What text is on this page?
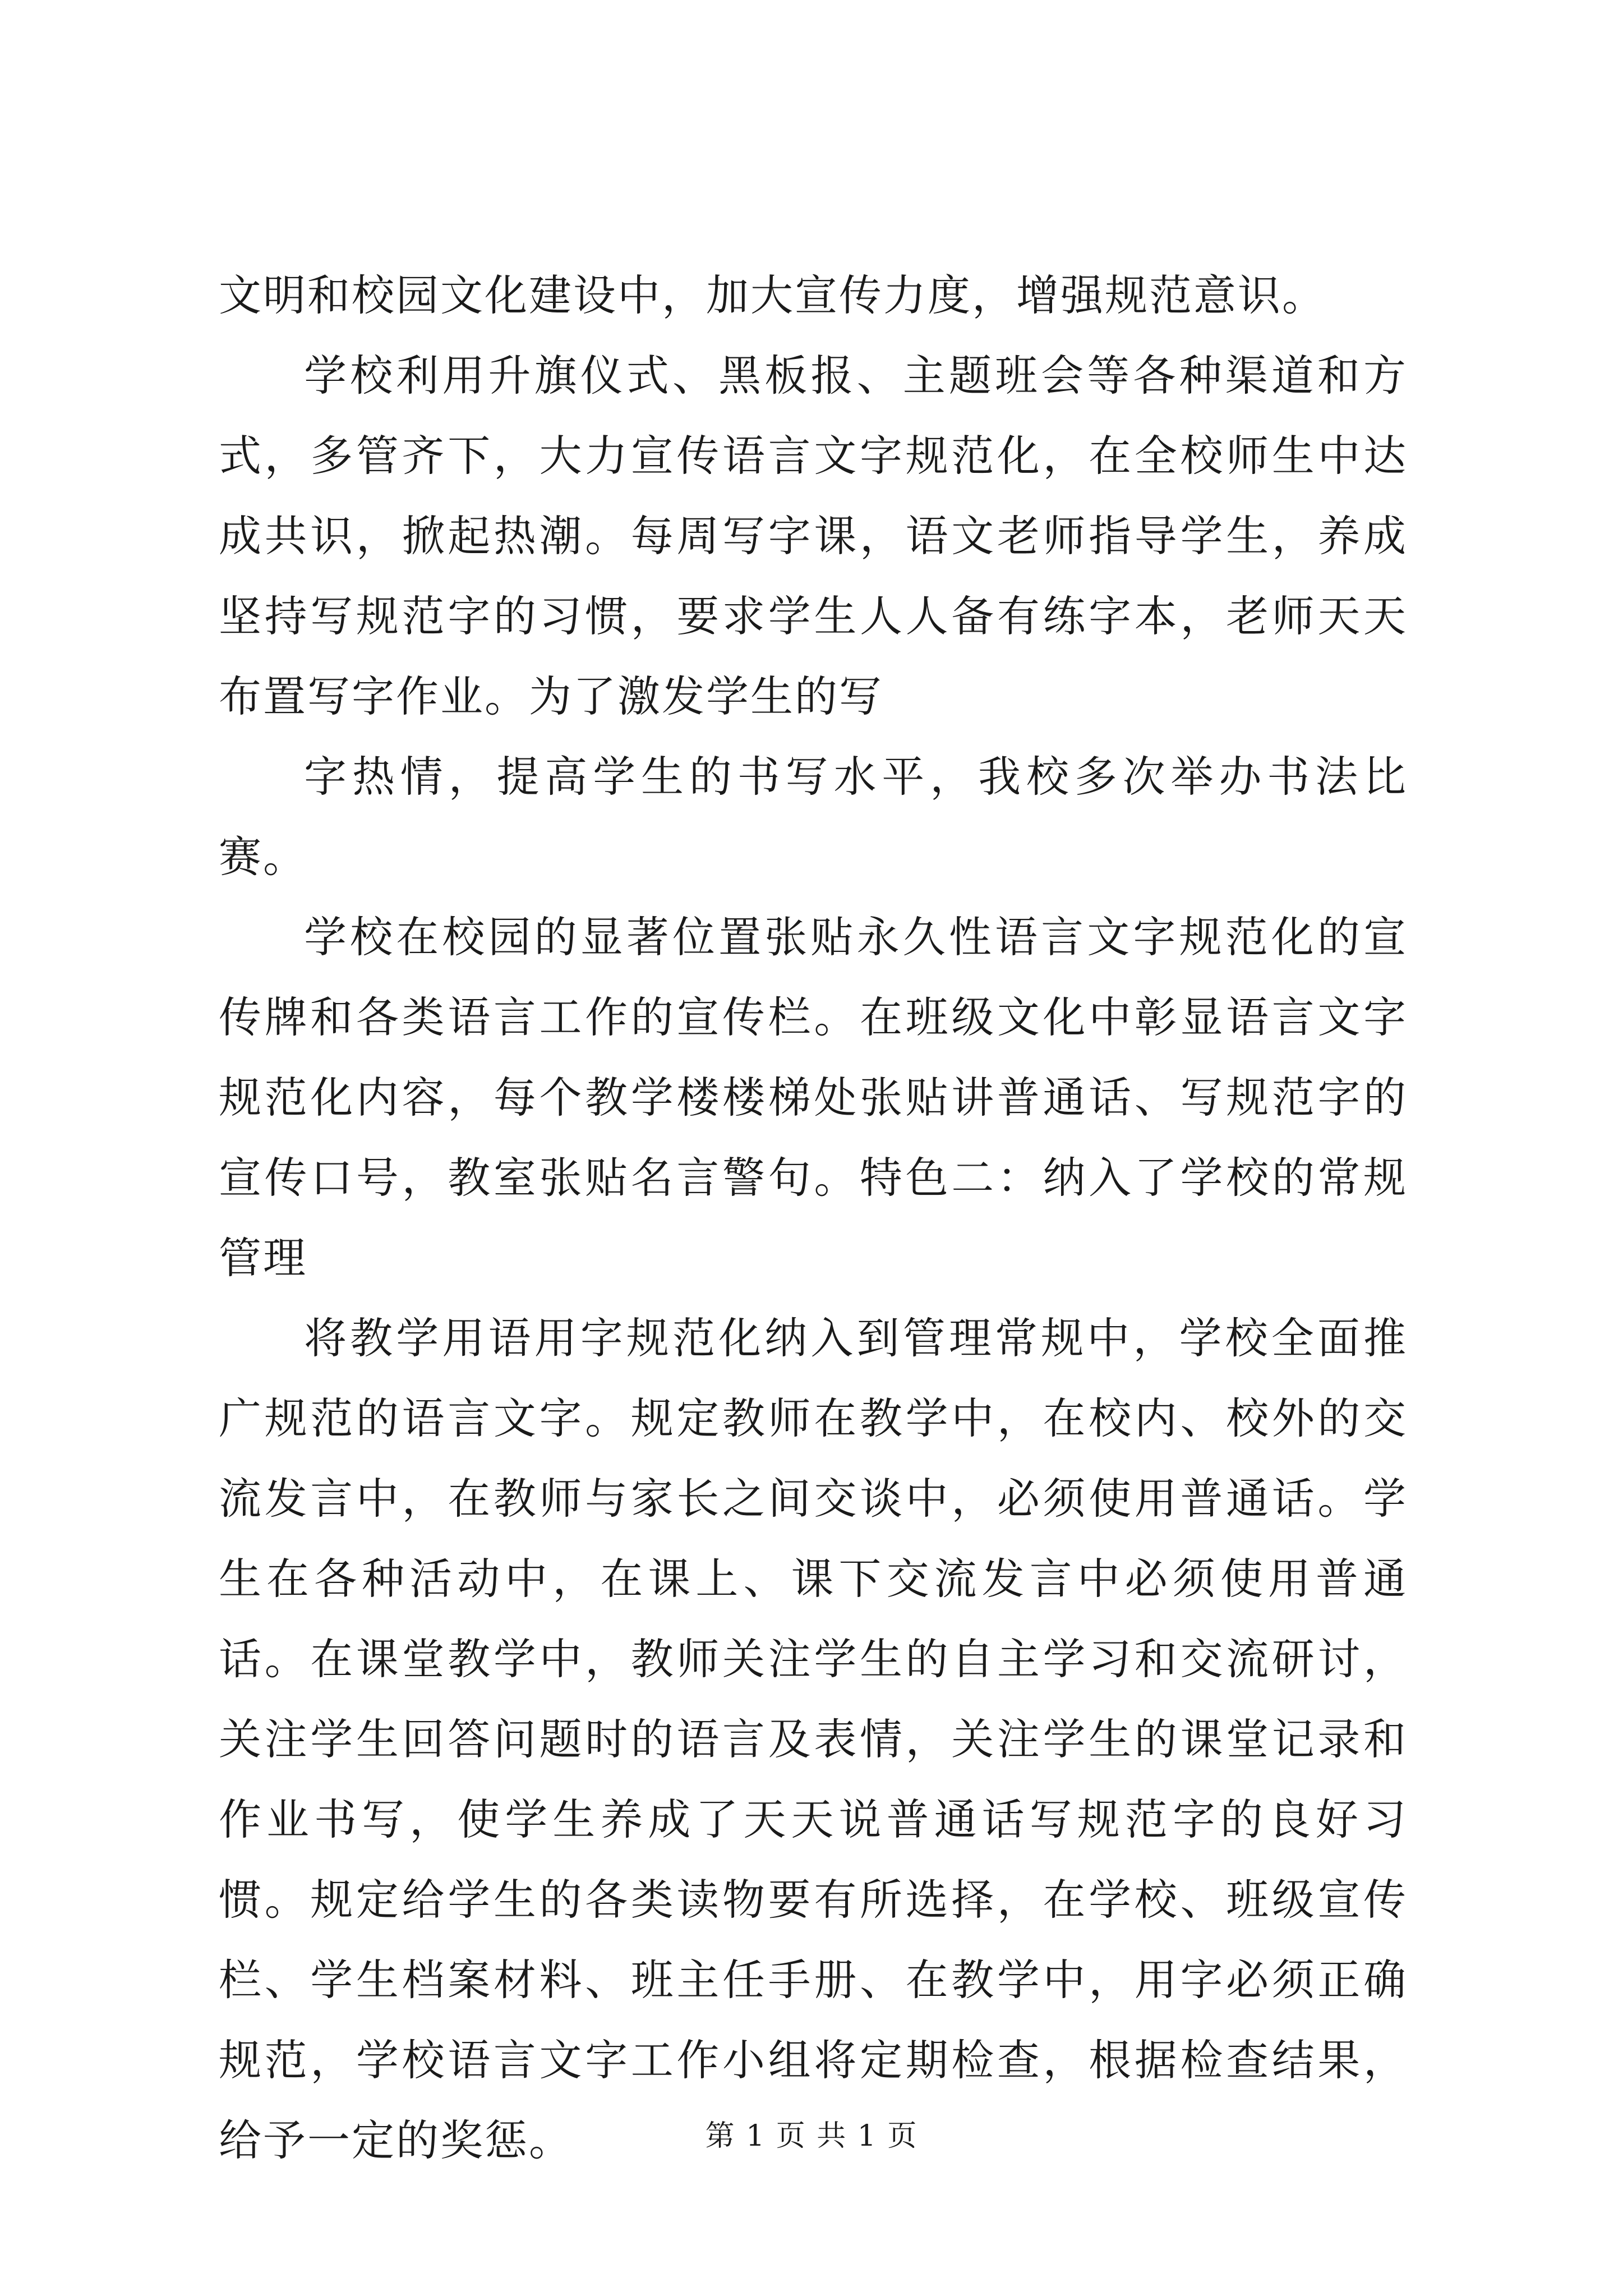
文明和校园文化建设中，加大宣传力度，增强规范意识。

学校利用升旗仪式、黑板报、主题班会等各种渠道和方式，多管齐下，大力宣传语言文字规范化，在全校师生中达成共识，掀起热潮。每周写字课，语文老师指导学生，养成坚持写规范字的习惯，要求学生人人备有练字本，老师天天布置写字作业。为了激发学生的写

字热情，提高学生的书写水平，我校多次举办书法比赛。

学校在校园的显著位置张贴永久性语言文字规范化的宣传牌和各类语言工作的宣传栏。在班级文化中彰显语言文字规范化内容，每个教学楼楼梯处张贴讲普通话、写规范字的宣传口号，教室张贴名言警句。特色二：纳入了学校的常规管理

将教学用语用字规范化纳入到管理常规中，学校全面推广规范的语言文字。规定教师在教学中，在校内、校外的交流发言中，在教师与家长之间交谈中，必须使用普通话。学生在各种活动中，在课上、课下交流发言中必须使用普通话。在课堂教学中，教师关注学生的自主学习和交流研讨，关注学生回答问题时的语言及表情，关注学生的课堂记录和作业书写，使学生养成了天天说普通话写规范字的良好习惯。规定给学生的各类读物要有所选择，在学校、班级宣传栏、学生档案材料、班主任手册、在教学中，用字必须正确规范，学校语言文字工作小组将定期检查，根据检查结果，给予一定的奖惩。	第 1 页 共 1 页
